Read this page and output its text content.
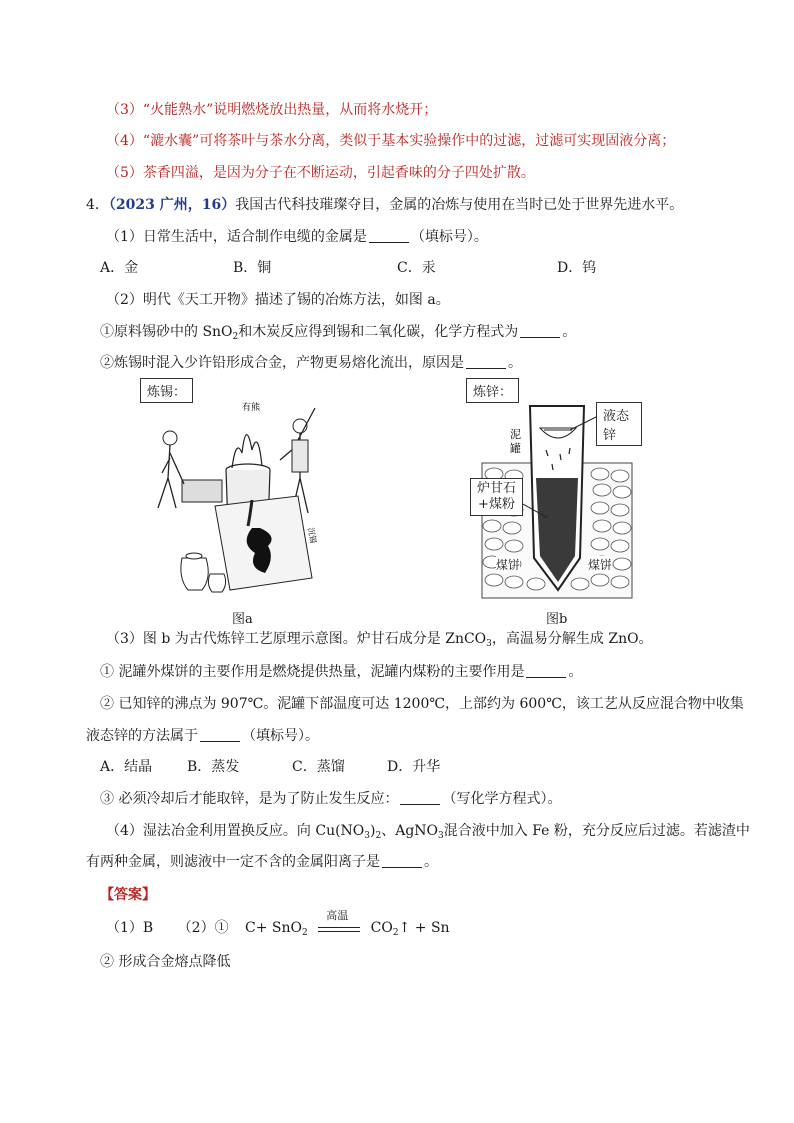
（3）“火能熟水”说明燃烧放出热量，从而将水烧开；
（4）“漉水囊”可将茶叶与茶水分离，类似于基本实验操作中的过滤，过滤可实现固液分离；
（5）茶香四溢，是因为分子在不断运动，引起香味的分子四处扩散。
4．（2023 广州，16）我国古代科技璀璨夺目，金属的冶炼与使用在当时已处于世界先进水平。
（1）日常生活中，适合制作电缆的金属是	（填标号）。
A．金	B．铜	C．汞	D．钨
（2）明代《天工开物》描述了锡的冶炼方法，如图 a。
①原料锡砂中的 SnO$_2$和木炭反应得到锡和二氧化碳，化学方程式为	。
②炼锡时混入少许铅形成合金，产物更易熔化流出，原因是	。
炼锡：
有熊
沉锡
图a
炼锌：
泥
罐
液态锌
炉甘石
+煤粉
煤饼	煤饼
图b
（3）图 b 为古代炼锌工艺原理示意图。炉甘石成分是 ZnCO$_3$，高温易分解生成 ZnO。
① 泥罐外煤饼的主要作用是燃烧提供热量，泥罐内煤粉的主要作用是	。
② 已知锌的沸点为 907℃。泥罐下部温度可达 1200℃，上部约为 600℃，该工艺从反应混合物中收集
液态锌的方法属于	（填标号）。
A．结晶 B．蒸发	C．蒸馏	D．升华
③ 必须冷却后才能取锌，是为了防止发生反应：	（写化学方程式）。
（4）湿法冶金利用置换反应。向 $Cu(NO_3)_2$、AgNO$_3$混合液中加入 Fe 粉，充分反应后过滤。若滤渣中
有两种金属，则滤液中一定不含的金属阳离子是	。
【答案】
（1）B （2）① C+ SnO$_2$
高温
$CO_2↑ + Sn$
② 形成合金熔点降低
